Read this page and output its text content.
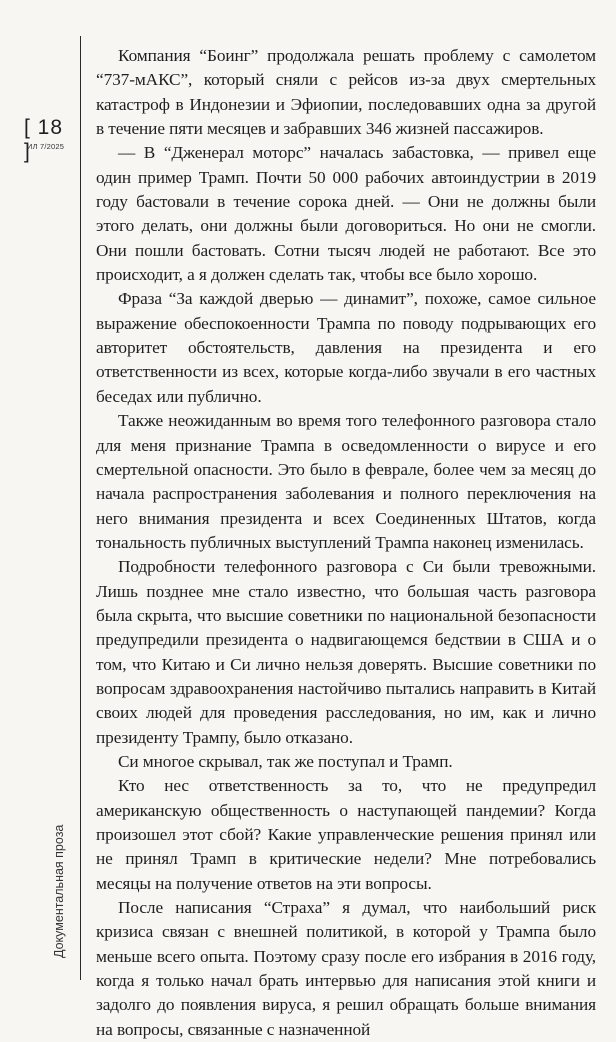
[ 18 ]
ИЛ 7/2025
Документальная проза

Компания “Боинг” продолжала решать проблему с самолетом “737-мАКС”, который сняли с рейсов из-за двух смертельных катастроф в Индонезии и Эфиопии, последовавших одна за другой в течение пяти месяцев и забравших 346 жизней пассажиров.

— В “Дженерал моторс” началась забастовка, — привел еще один пример Трамп. Почти 50 000 рабочих автоиндустрии в 2019 году бастовали в течение сорока дней. — Они не должны были этого делать, они должны были договориться. Но они не смогли. Они пошли бастовать. Сотни тысяч людей не работают. Все это происходит, а я должен сделать так, чтобы все было хорошо.

Фраза “За каждой дверью — динамит”, похоже, самое сильное выражение обеспокоенности Трампа по поводу подрывающих его авторитет обстоятельств, давления на президента и его ответственности из всех, которые когда-либо звучали в его частных беседах или публично.

Также неожиданным во время того телефонного разговора стало для меня признание Трампа в осведомленности о вирусе и его смертельной опасности. Это было в феврале, более чем за месяц до начала распространения заболевания и полного переключения на него внимания президента и всех Соединенных Штатов, когда тональность публичных выступлений Трампа наконец изменилась.

Подробности телефонного разговора с Си были тревожными. Лишь позднее мне стало известно, что большая часть разговора была скрыта, что высшие советники по национальной безопасности предупредили президента о надвигающемся бедствии в США и о том, что Китаю и Си лично нельзя доверять. Высшие советники по вопросам здравоохранения настойчиво пытались направить в Китай своих людей для проведения расследования, но им, как и лично президенту Трампу, было отказано.

Си многое скрывал, так же поступал и Трамп.

Кто нес ответственность за то, что не предупредил американскую общественность о наступающей пандемии? Когда произошел этот сбой? Какие управленческие решения принял или не принял Трамп в критические недели? Мне потребовались месяцы на получение ответов на эти вопросы.

После написания “Страха” я думал, что наибольший риск кризиса связан с внешней политикой, в которой у Трампа было меньше всего опыта. Поэтому сразу после его избрания в 2016 году, когда я только начал брать интервью для написания этой книги и задолго до появления вируса, я решил обращать больше внимания на вопросы, связанные с назначенной
